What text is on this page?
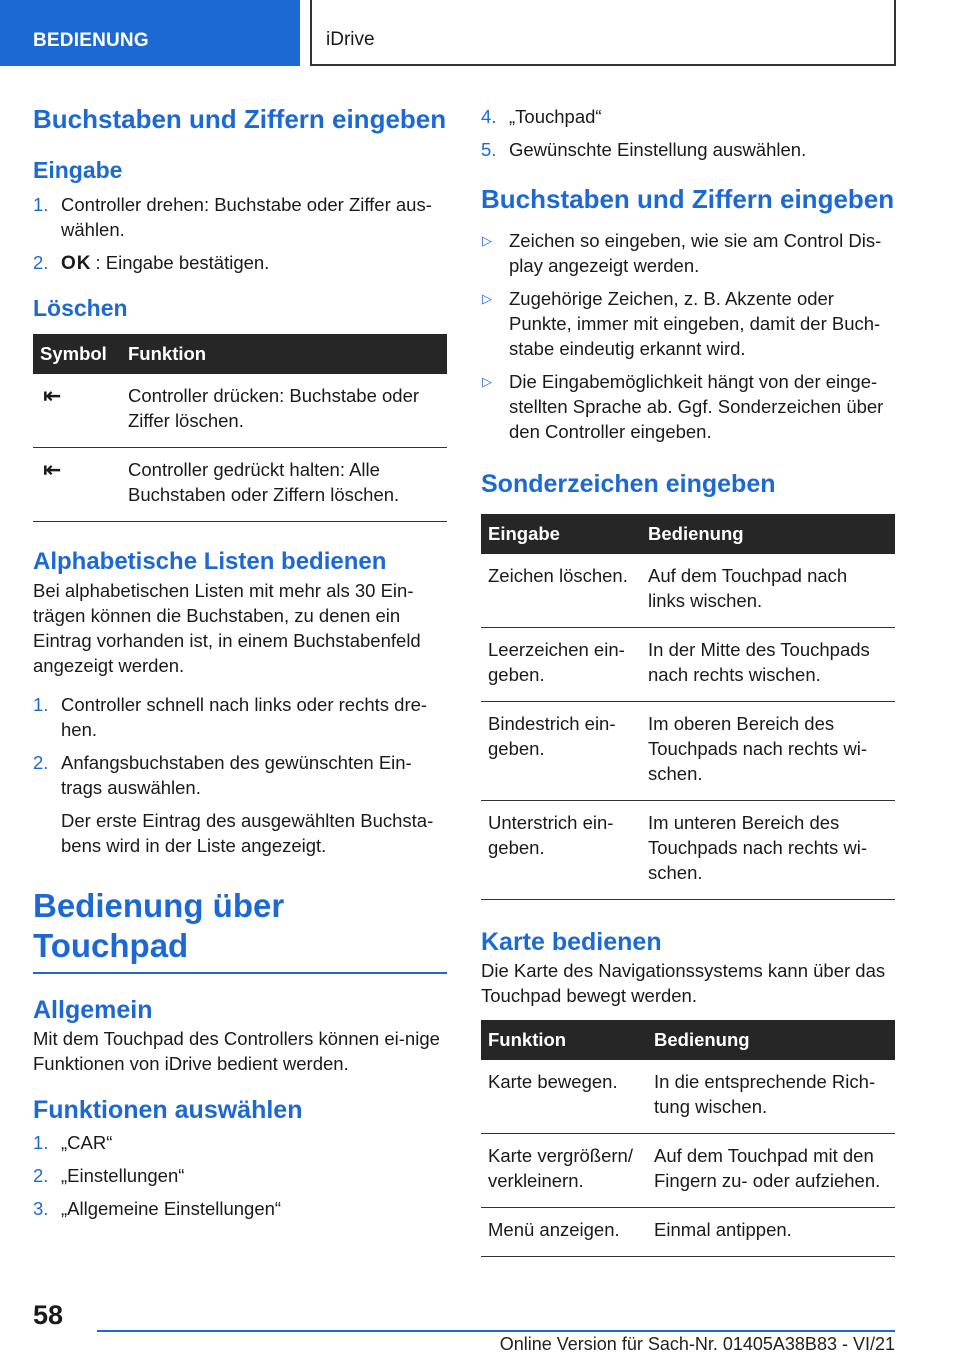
BEDIENUNG	iDrive
Buchstaben und Ziffern eingeben
Eingabe
1. Controller drehen: Buchstabe oder Ziffer aus‐wählen.
2. OK : Eingabe bestätigen.
Löschen
Symbol	Funktion
⇤	Controller drücken: Buchstabe oder Ziffer löschen.
⇤	Controller gedrückt halten: Alle Buchstaben oder Ziffern löschen.
Alphabetische Listen bedienen

Bei alphabetischen Listen mit mehr als 30 Ein‐trägen können die Buchstaben, zu denen ein Eintrag vorhanden ist, in einem Buchstabenfeld angezeigt werden.

1. Controller schnell nach links oder rechts dre‐hen.
2. Anfangsbuchstaben des gewünschten Ein‐trags auswählen.
Der erste Eintrag des ausgewählten Buchsta‐bens wird in der Liste angezeigt.
Bedienung über Touchpad
Allgemein

Mit dem Touchpad des Controllers können ei‐nige Funktionen von iDrive bedient werden.

Funktionen auswählen
1. „CAR“
2. „Einstellungen“
3. „Allgemeine Einstellungen“
4. „Touchpad“
5. Gewünschte Einstellung auswählen.
Buchstaben und Ziffern eingeben
▷ Zeichen so eingeben, wie sie am Control Dis‐play angezeigt werden.
▷ Zugehörige Zeichen, z. B. Akzente oder Punkte, immer mit eingeben, damit der Buch‐stabe eindeutig erkannt wird.
▷ Die Eingabemöglichkeit hängt von der einge‐stellten Sprache ab. Ggf. Sonderzeichen über den Controller eingeben.
Sonderzeichen eingeben
Eingabe	Bedienung
Zeichen löschen.	Auf dem Touchpad nach links wischen.
Leerzeichen ein‐geben.	In der Mitte des Touchpads nach rechts wischen.
Bindestrich ein‐geben.	Im oberen Bereich des Touchpads nach rechts wi‐schen.
Unterstrich ein‐geben.	Im unteren Bereich des Touchpads nach rechts wi‐schen.
Karte bedienen

Die Karte des Navigationssystems kann über das Touchpad bewegt werden.

Funktion	Bedienung
Karte bewegen.	In die entsprechende Rich‐tung wischen.
Karte vergrößern/ verkleinern.	Auf dem Touchpad mit den Fingern zu- oder aufziehen.
Menü anzeigen.	Einmal antippen.
58
Online Version für Sach-Nr. 01405A38B83 - VI/21
